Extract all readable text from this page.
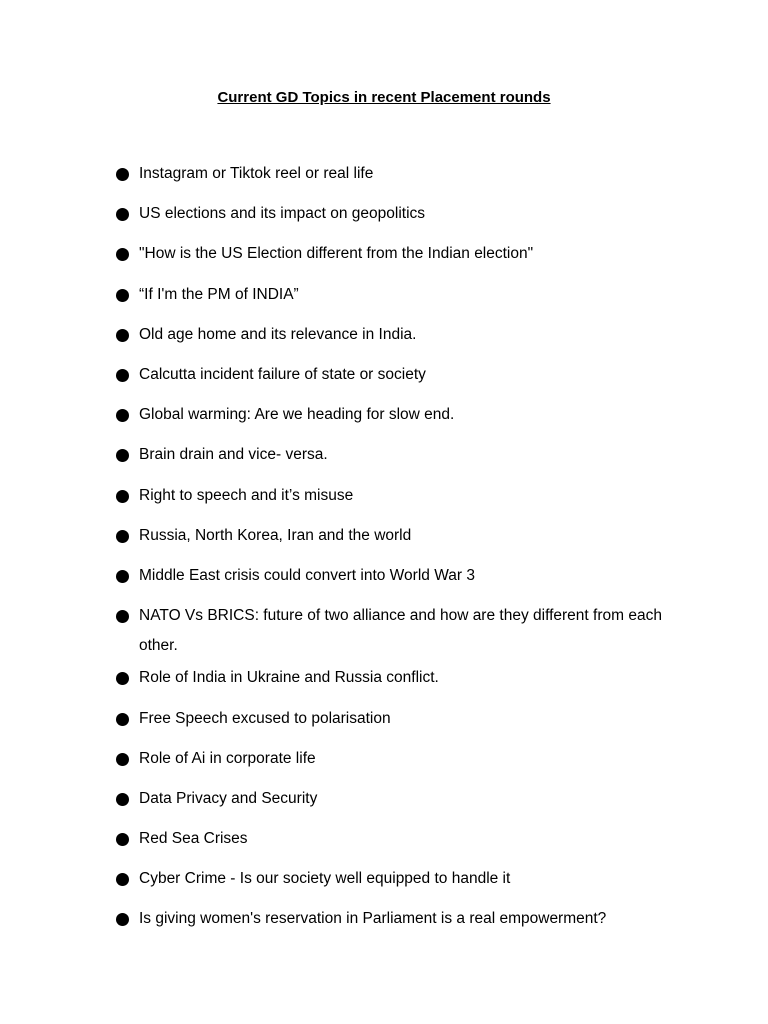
Current GD Topics in recent Placement rounds
Instagram or Tiktok reel or real life
US elections and its impact on geopolitics
"How is the US Election different from the Indian election"
“If I'm the PM of INDIA”
Old age home and its relevance in India.
Calcutta incident failure of state or society
Global warming: Are we heading for slow end.
Brain drain and vice- versa.
Right to speech and it’s misuse
Russia, North Korea, Iran and the world
Middle East crisis could convert into World War 3
NATO Vs BRICS: future of two alliance and how are they different from each other.
Role of India in Ukraine and Russia conflict.
Free Speech excused to polarisation
Role of Ai in corporate life
Data Privacy and Security
Red Sea Crises
Cyber Crime - Is our society well equipped to handle it
Is giving women's reservation in Parliament is a real empowerment?
